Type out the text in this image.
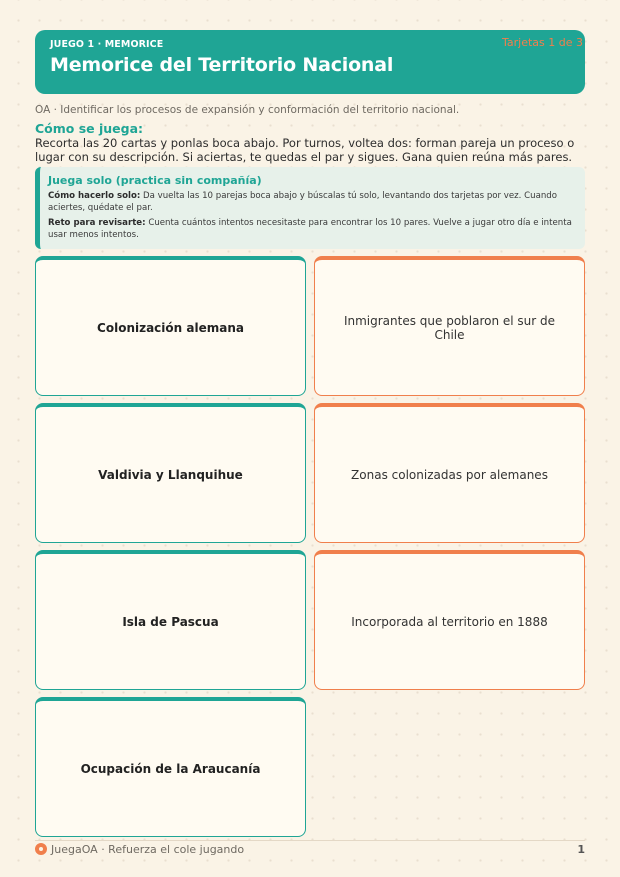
JUEGO 1 · MEMORICE
Memorice del Territorio Nacional
Tarjetas 1 de 3
OA · Identificar los procesos de expansión y conformación del territorio nacional.
Cómo se juega:
Recorta las 20 cartas y ponlas boca abajo. Por turnos, voltea dos: forman pareja un proceso o lugar con su descripción. Si aciertas, te quedas el par y sigues. Gana quien reúna más pares.
Juega solo (practica sin compañía)
Cómo hacerlo solo: Da vuelta las 10 parejas boca abajo y búscalas tú solo, levantando dos tarjetas por vez. Cuando aciertes, quédate el par.
Reto para revisarte: Cuenta cuántos intentos necesitaste para encontrar los 10 pares. Vuelve a jugar otro día e intenta usar menos intentos.
Colonización alemana	Inmigrantes que poblaron el sur de Chile
Valdivia y Llanquihue	Zonas colonizadas por alemanes
Isla de Pascua	Incorporada al territorio en 1888
Ocupación de la Araucanía
JuegaOA · Refuerza el cole jugando	1
